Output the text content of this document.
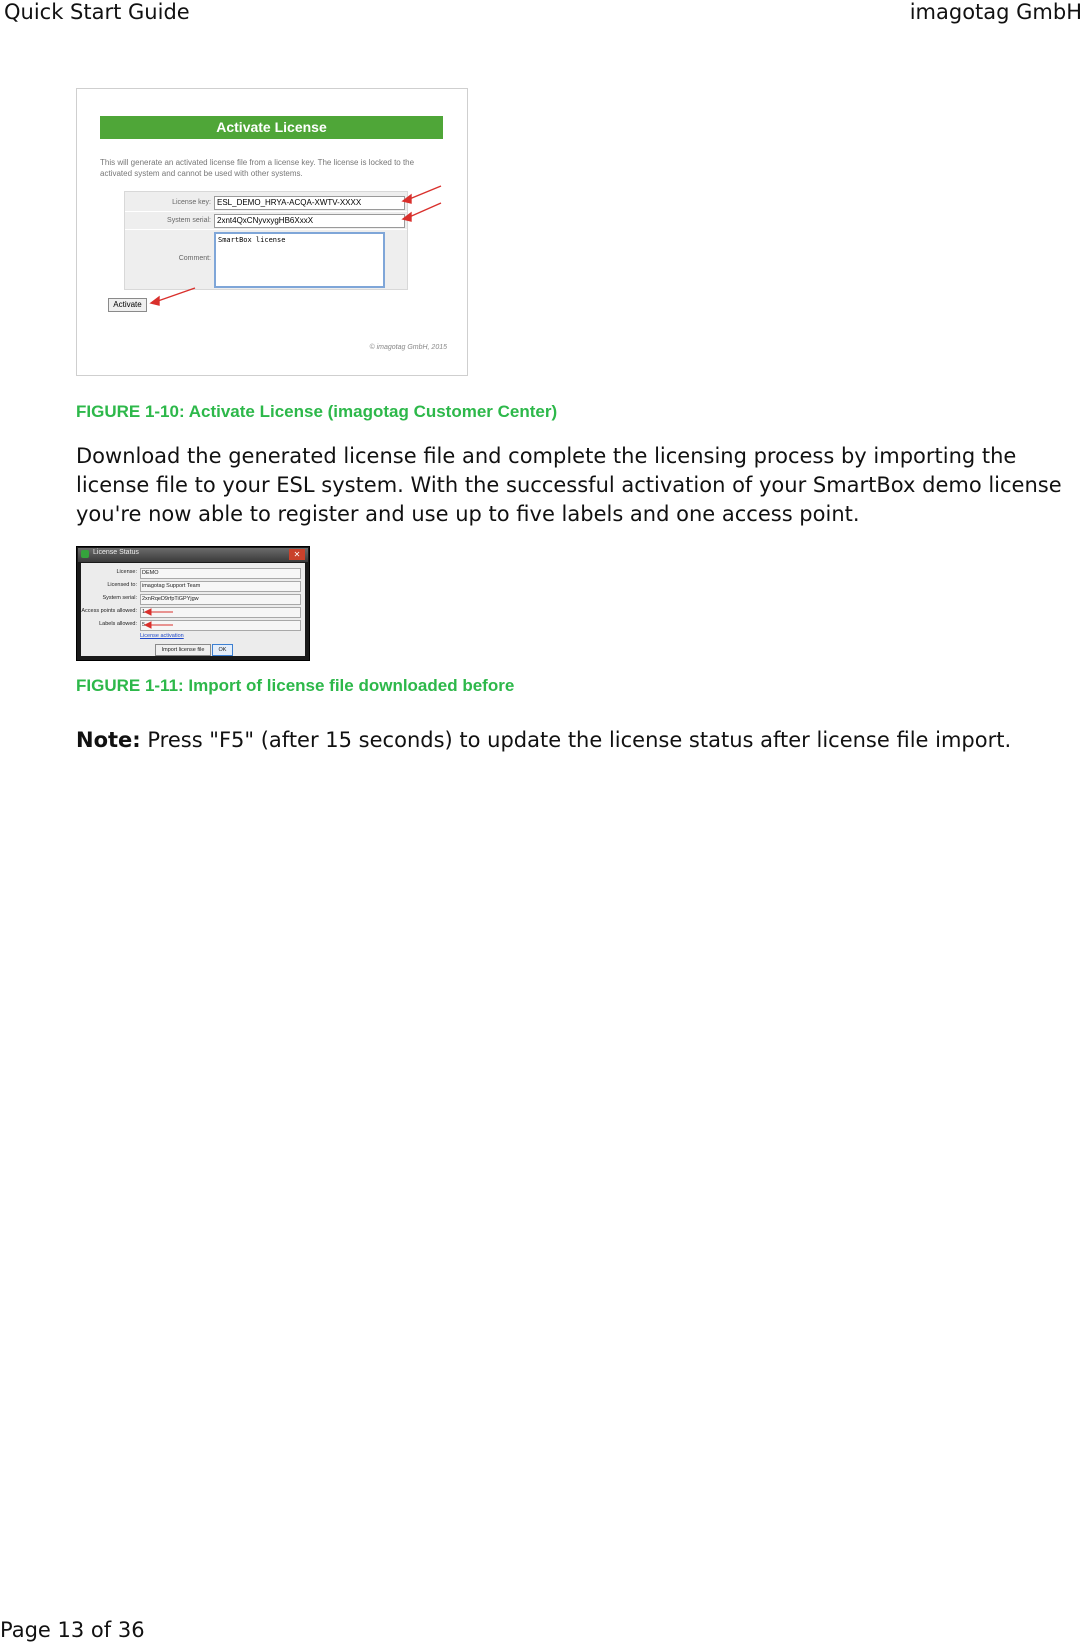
Quick Start Guide	imagotag GmbH
Activate License
This will generate an activated license file from a license key. The license is locked to the activated system and cannot be used with other systems.
License key: ESL_DEMO_HRYA-ACQA-XWTV-XXXX
System serial: 2xnt4QxCNyvxygHB6XxxX
Comment:
SmartBox license
Activate
© imagotag GmbH, 2015
FIGURE 1-10: Activate License (imagotag Customer Center)
Download the generated license file and complete the licensing process by importing the license file to your ESL system. With the successful activation of your SmartBox demo license you're now able to register and use up to five labels and one access point.
License Status	✕
License: DEMO
Licensed to: imagotag Support Team
System serial: 2xnRqeD9rfpTiGPYjgw
Access points allowed: 1
Labels allowed: 5
License activation
Import license file	OK
FIGURE 1-11: Import of license file downloaded before
Note: Press "F5" (after 15 seconds) to update the license status after license file import.
Page 13 of 36
